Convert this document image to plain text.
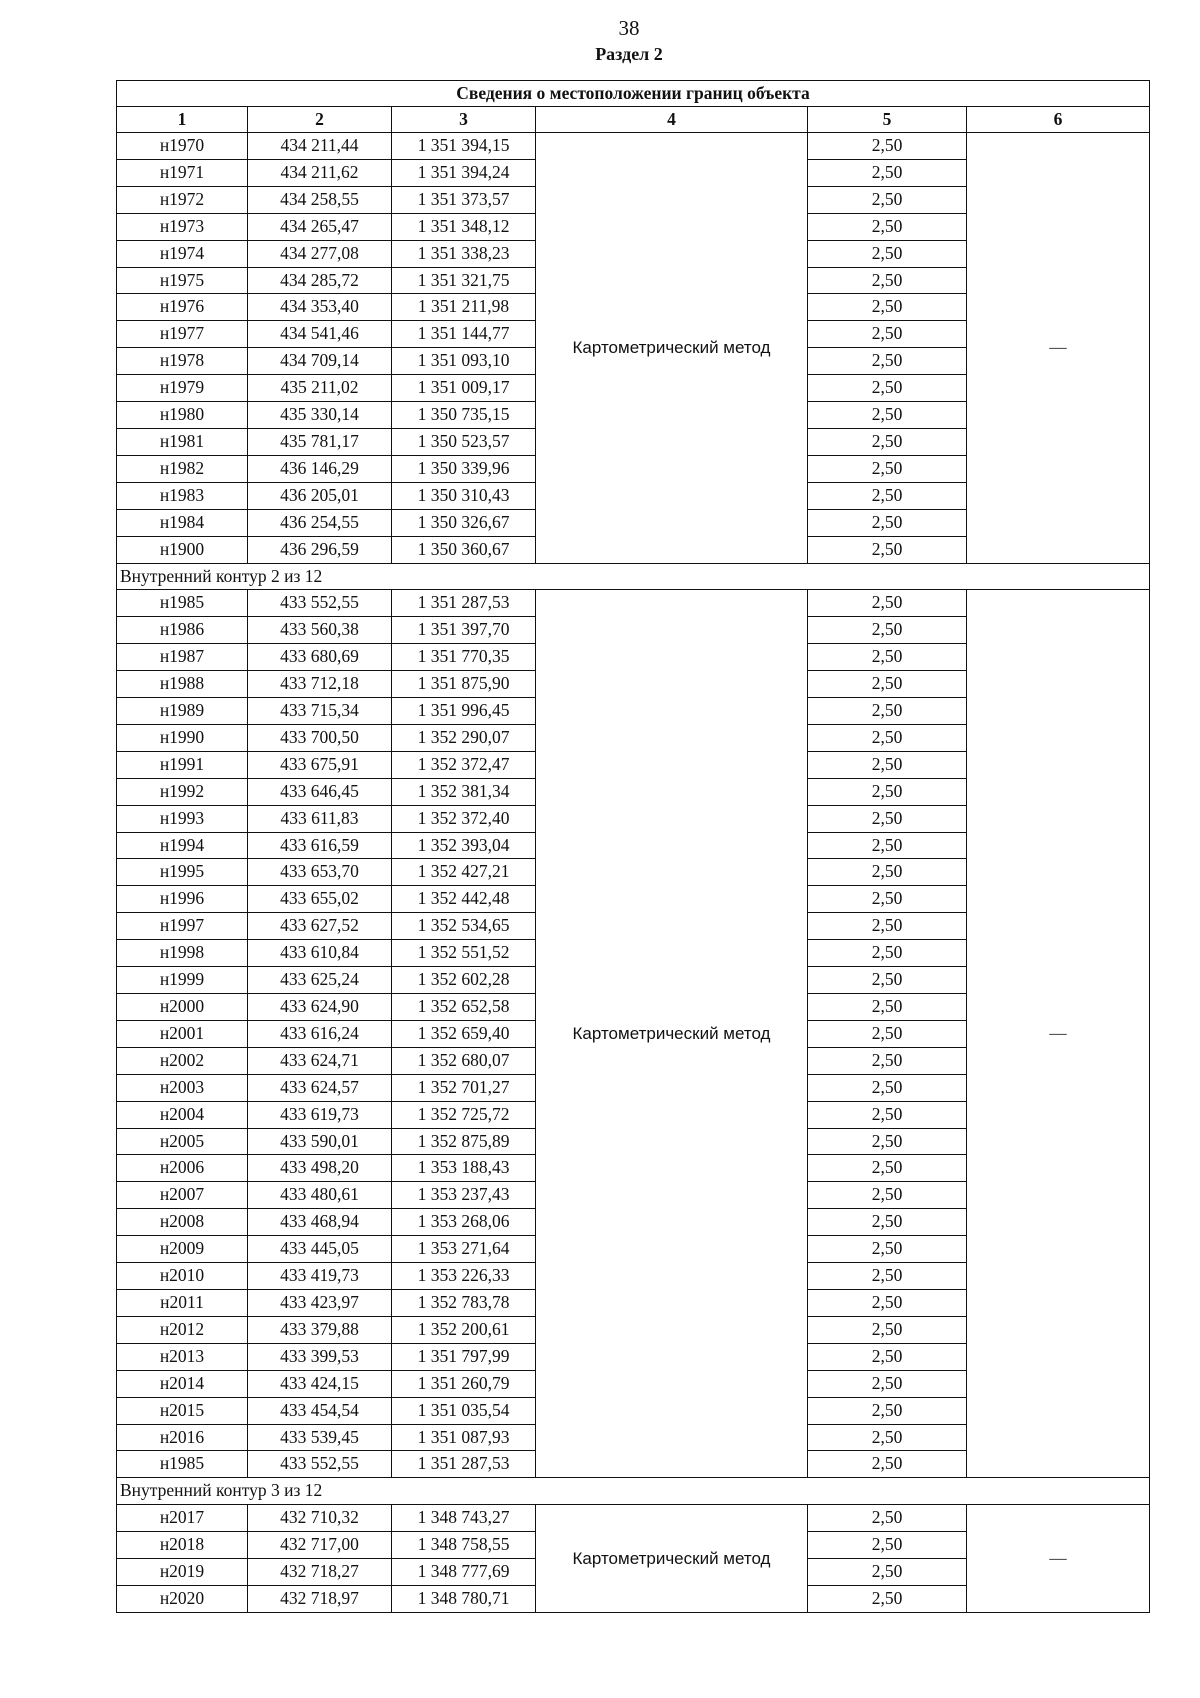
38
Раздел 2
Сведения о местоположении границ объекта					
1	2	3	4	5	6
н1970	434 211,44	1 351 394,15	Картометрический метод	2,50	—
н1971	434 211,62	1 351 394,24		2,50	
н1972	434 258,55	1 351 373,57		2,50	
н1973	434 265,47	1 351 348,12		2,50	
н1974	434 277,08	1 351 338,23		2,50	
н1975	434 285,72	1 351 321,75		2,50	
н1976	434 353,40	1 351 211,98		2,50	
н1977	434 541,46	1 351 144,77		2,50	
н1978	434 709,14	1 351 093,10		2,50	
н1979	435 211,02	1 351 009,17		2,50	
н1980	435 330,14	1 350 735,15		2,50	
н1981	435 781,17	1 350 523,57		2,50	
н1982	436 146,29	1 350 339,96		2,50	
н1983	436 205,01	1 350 310,43		2,50	
н1984	436 254,55	1 350 326,67		2,50	
н1900	436 296,59	1 350 360,67		2,50	
Внутренний контур 2 из 12					
н1985	433 552,55	1 351 287,53	Картометрический метод	2,50	—
н1986	433 560,38	1 351 397,70		2,50	
н1987	433 680,69	1 351 770,35		2,50	
н1988	433 712,18	1 351 875,90		2,50	
н1989	433 715,34	1 351 996,45		2,50	
н1990	433 700,50	1 352 290,07		2,50	
н1991	433 675,91	1 352 372,47		2,50	
н1992	433 646,45	1 352 381,34		2,50	
н1993	433 611,83	1 352 372,40		2,50	
н1994	433 616,59	1 352 393,04		2,50	
н1995	433 653,70	1 352 427,21		2,50	
н1996	433 655,02	1 352 442,48		2,50	
н1997	433 627,52	1 352 534,65		2,50	
н1998	433 610,84	1 352 551,52		2,50	
н1999	433 625,24	1 352 602,28		2,50	
н2000	433 624,90	1 352 652,58		2,50	
н2001	433 616,24	1 352 659,40		2,50	
н2002	433 624,71	1 352 680,07		2,50	
н2003	433 624,57	1 352 701,27		2,50	
н2004	433 619,73	1 352 725,72		2,50	
н2005	433 590,01	1 352 875,89		2,50	
н2006	433 498,20	1 353 188,43		2,50	
н2007	433 480,61	1 353 237,43		2,50	
н2008	433 468,94	1 353 268,06		2,50	
н2009	433 445,05	1 353 271,64		2,50	
н2010	433 419,73	1 353 226,33		2,50	
н2011	433 423,97	1 352 783,78		2,50	
н2012	433 379,88	1 352 200,61		2,50	
н2013	433 399,53	1 351 797,99		2,50	
н2014	433 424,15	1 351 260,79		2,50	
н2015	433 454,54	1 351 035,54		2,50	
н2016	433 539,45	1 351 087,93		2,50	
н1985	433 552,55	1 351 287,53		2,50	
Внутренний контур 3 из 12					
н2017	432 710,32	1 348 743,27	Картометрический метод	2,50	—
н2018	432 717,00	1 348 758,55		2,50	
н2019	432 718,27	1 348 777,69		2,50	
н2020	432 718,97	1 348 780,71		2,50	
